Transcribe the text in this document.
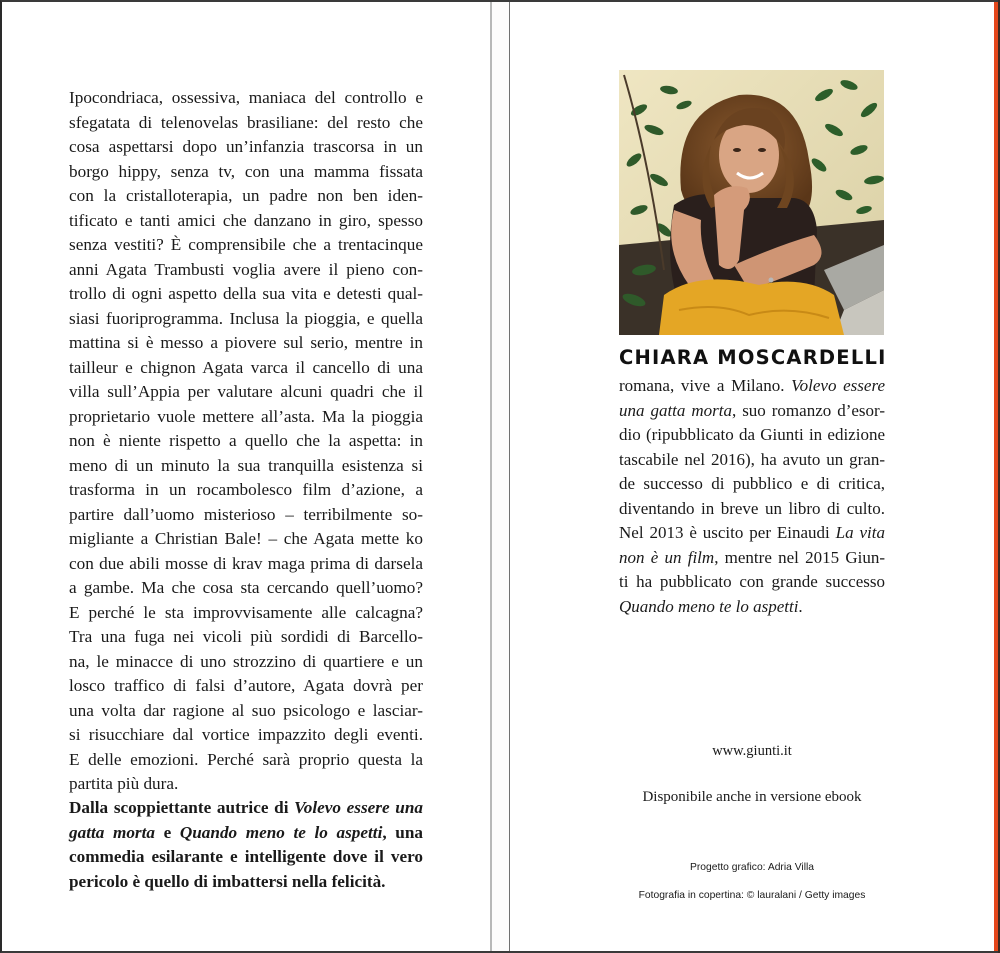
Ipocondriaca, ossessiva, maniaca del controllo e
sfegatata di telenovelas brasiliane: del resto che
cosa aspettarsi dopo un’infanzia trascorsa in un
borgo hippy, senza tv, con una mamma fissata
con la cristalloterapia, un padre non ben iden-
tificato e tanti amici che danzano in giro, spesso
senza vestiti? È comprensibile che a trentacinque
anni Agata Trambusti voglia avere il pieno con-
trollo di ogni aspetto della sua vita e detesti qual-
siasi fuoriprogramma. Inclusa la pioggia, e quella
mattina si è messo a piovere sul serio, mentre in
tailleur e chignon Agata varca il cancello di una
villa sull’Appia per valutare alcuni quadri che il
proprietario vuole mettere all’asta. Ma la pioggia
non è niente rispetto a quello che la aspetta: in
meno di un minuto la sua tranquilla esistenza si
trasforma in un rocambolesco film d’azione, a
partire dall’uomo misterioso – terribilmente so-
migliante a Christian Bale! – che Agata mette ko
con due abili mosse di krav maga prima di darsela
a gambe. Ma che cosa sta cercando quell’uomo?
E perché le sta improvvisamente alle calcagna?
Tra una fuga nei vicoli più sordidi di Barcello-
na, le minacce di uno strozzino di quartiere e un
losco traffico di falsi d’autore, Agata dovrà per
una volta dar ragione al suo psicologo e lasciar-
si risucchiare dal vortice impazzito degli eventi.
E delle emozioni. Perché sarà proprio questa la
partita più dura.
Dalla scoppiettante autrice di Volevo essere una
gatta morta e Quando meno te lo aspetti, una
commedia esilarante e intelligente dove il vero
pericolo è quello di imbattersi nella felicità.
CHIARA MOSCARDELLI
romana, vive a Milano. Volevo essere
una gatta morta, suo romanzo d’esor-
dio (ripubblicato da Giunti in edizione
tascabile nel 2016), ha avuto un gran-
de successo di pubblico e di critica,
diventando in breve un libro di culto.
Nel 2013 è uscito per Einaudi La vita
non è un film, mentre nel 2015 Giun-
ti ha pubblicato con grande successo
Quando meno te lo aspetti.
www.giunti.it
Disponibile anche in versione ebook
Progetto grafico: Adria Villa
Fotografia in copertina: © lauralani / Getty images
